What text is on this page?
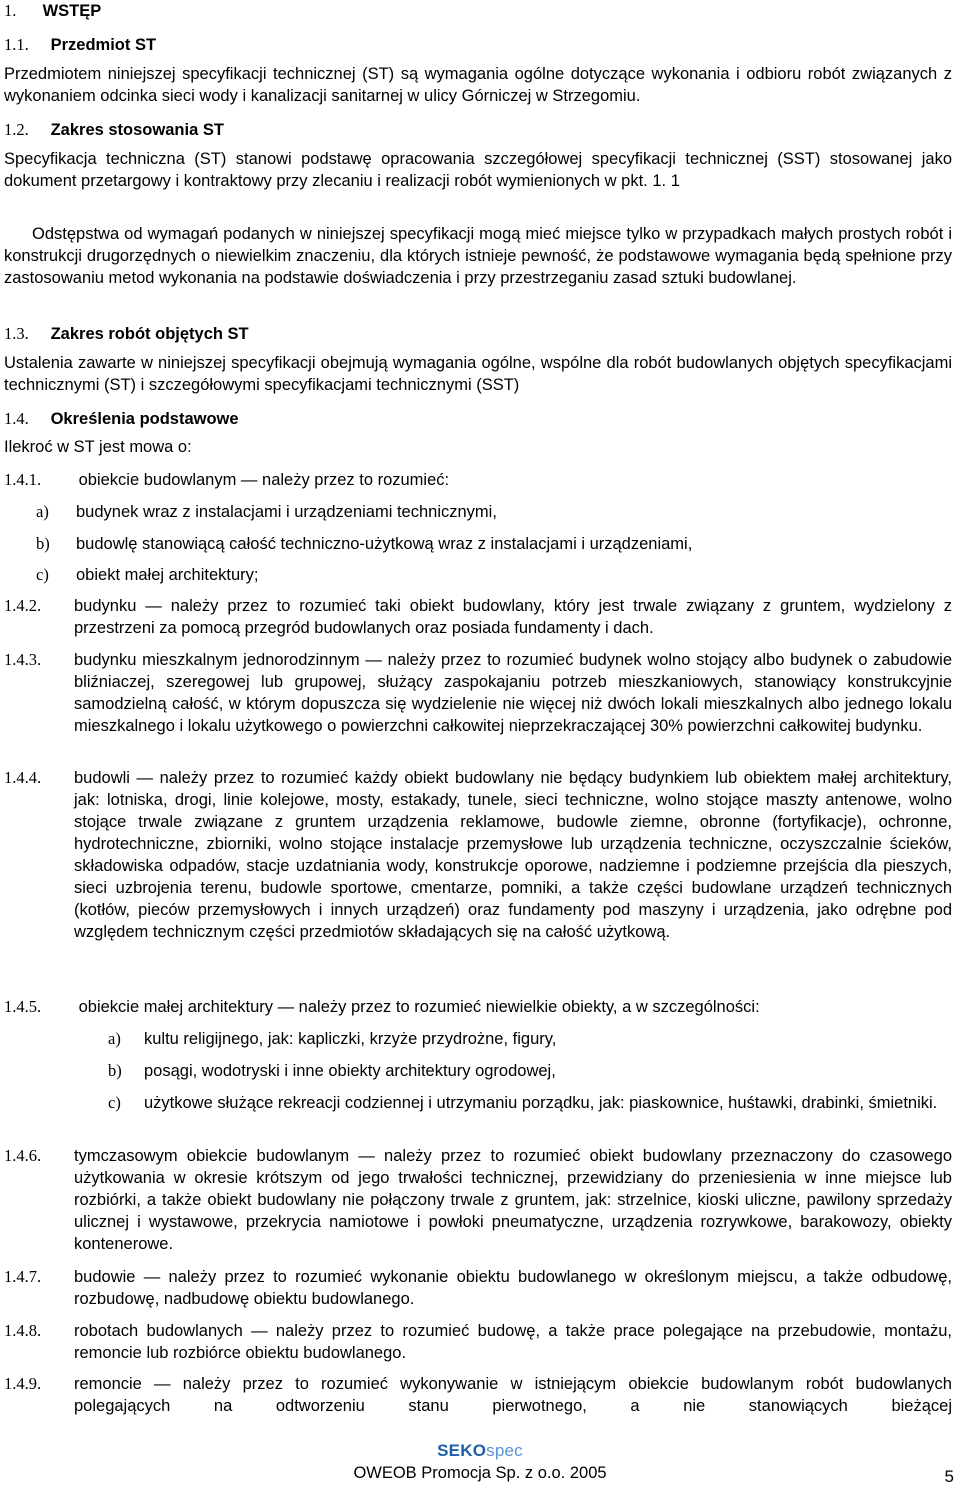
1. WSTĘP
1.1. Przedmiot ST
Przedmiotem niniejszej specyfikacji technicznej (ST) są wymagania ogólne dotyczące wykonania i odbioru robót związanych z wykonaniem odcinka sieci wody i kanalizacji sanitarnej w ulicy Górniczej w Strzegomiu.
1.2. Zakres stosowania ST
Specyfikacja techniczna (ST) stanowi podstawę opracowania szczegółowej specyfikacji technicznej (SST) stosowanej jako dokument przetargowy i kontraktowy przy zlecaniu i realizacji robót wymienionych w pkt. 1. 1
Odstępstwa od wymagań podanych w niniejszej specyfikacji mogą mieć miejsce tylko w przypadkach małych prostych robót i konstrukcji drugorzędnych o niewielkim znaczeniu, dla których istnieje pewność, że podstawowe wymagania będą spełnione przy zastosowaniu metod wykonania na podstawie doświadczenia i przy przestrzeganiu zasad sztuki budowlanej.
1.3. Zakres robót objętych ST
Ustalenia zawarte w niniejszej specyfikacji obejmują wymagania ogólne, wspólne dla robót budowlanych objętych specyfikacjami technicznymi (ST) i szczegółowymi specyfikacjami technicznymi (SST)
1.4. Określenia podstawowe
Ilekroć w ST jest mowa o:
1.4.1. obiekcie budowlanym — należy przez to rozumieć:
a) budynek wraz z instalacjami i urządzeniami technicznymi,
b) budowlę stanowiącą całość techniczno-użytkową wraz z instalacjami i urządzeniami,
c) obiekt małej architektury;
1.4.2. budynku — należy przez to rozumieć taki obiekt budowlany, który jest trwale związany z gruntem, wydzielony z przestrzeni za pomocą przegród budowlanych oraz posiada fundamenty i dach.
1.4.3. budynku mieszkalnym jednorodzinnym — należy przez to rozumieć budynek wolno stojący albo budynek o zabudowie bliźniaczej, szeregowej lub grupowej, służący zaspokajaniu potrzeb mieszkaniowych, stanowiący konstrukcyjnie samodzielną całość, w którym dopuszcza się wydzielenie nie więcej niż dwóch lokali mieszkalnych albo jednego lokalu mieszkalnego i lokalu użytkowego o powierzchni całkowitej nieprzekraczającej 30% powierzchni całkowitej budynku.
1.4.4. budowli — należy przez to rozumieć każdy obiekt budowlany nie będący budynkiem lub obiektem małej architektury, jak: lotniska, drogi, linie kolejowe, mosty, estakady, tunele, sieci techniczne, wolno stojące maszty antenowe, wolno stojące trwale związane z gruntem urządzenia reklamowe, budowle ziemne, obronne (fortyfikacje), ochronne, hydrotechniczne, zbiorniki, wolno stojące instalacje przemysłowe lub urządzenia techniczne, oczyszczalnie ścieków, składowiska odpadów, stacje uzdatniania wody, konstrukcje oporowe, nadziemne i podziemne przejścia dla pieszych, sieci uzbrojenia terenu, budowle sportowe, cmentarze, pomniki, a także części budowlane urządzeń technicznych (kotłów, pieców przemysłowych i innych urządzeń) oraz fundamenty pod maszyny i urządzenia, jako odrębne pod względem technicznym części przedmiotów składających się na całość użytkową.
1.4.5. obiekcie małej architektury — należy przez to rozumieć niewielkie obiekty, a w szczególności:
a) kultu religijnego, jak: kapliczki, krzyże przydrożne, figury,
b) posągi, wodotryski i inne obiekty architektury ogrodowej,
c) użytkowe służące rekreacji codziennej i utrzymaniu porządku, jak: piaskownice, huśtawki, drabinki, śmietniki.
1.4.6. tymczasowym obiekcie budowlanym — należy przez to rozumieć obiekt budowlany przeznaczony do czasowego użytkowania w okresie krótszym od jego trwałości technicznej, przewidziany do przeniesienia w inne miejsce lub rozbiórki, a także obiekt budowlany nie połączony trwale z gruntem, jak: strzelnice, kioski uliczne, pawilony sprzedaży ulicznej i wystawowe, przekrycia namiotowe i powłoki pneumatyczne, urządzenia rozrywkowe, barakowozy, obiekty kontenerowe.
1.4.7. budowie — należy przez to rozumieć wykonanie obiektu budowlanego w określonym miejscu, a także odbudowę, rozbudowę, nadbudowę obiektu budowlanego.
1.4.8. robotach budowlanych — należy przez to rozumieć budowę, a także prace polegające na przebudowie, montażu, remoncie lub rozbiórce obiektu budowlanego.
1.4.9. remoncie — należy przez to rozumieć wykonywanie w istniejącym obiekcie budowlanym robót budowlanych polegających na odtworzeniu stanu pierwotnego, a nie stanowiących bieżącej
SEKOspec
OWEOB Promocja Sp. z o.o. 2005	5
